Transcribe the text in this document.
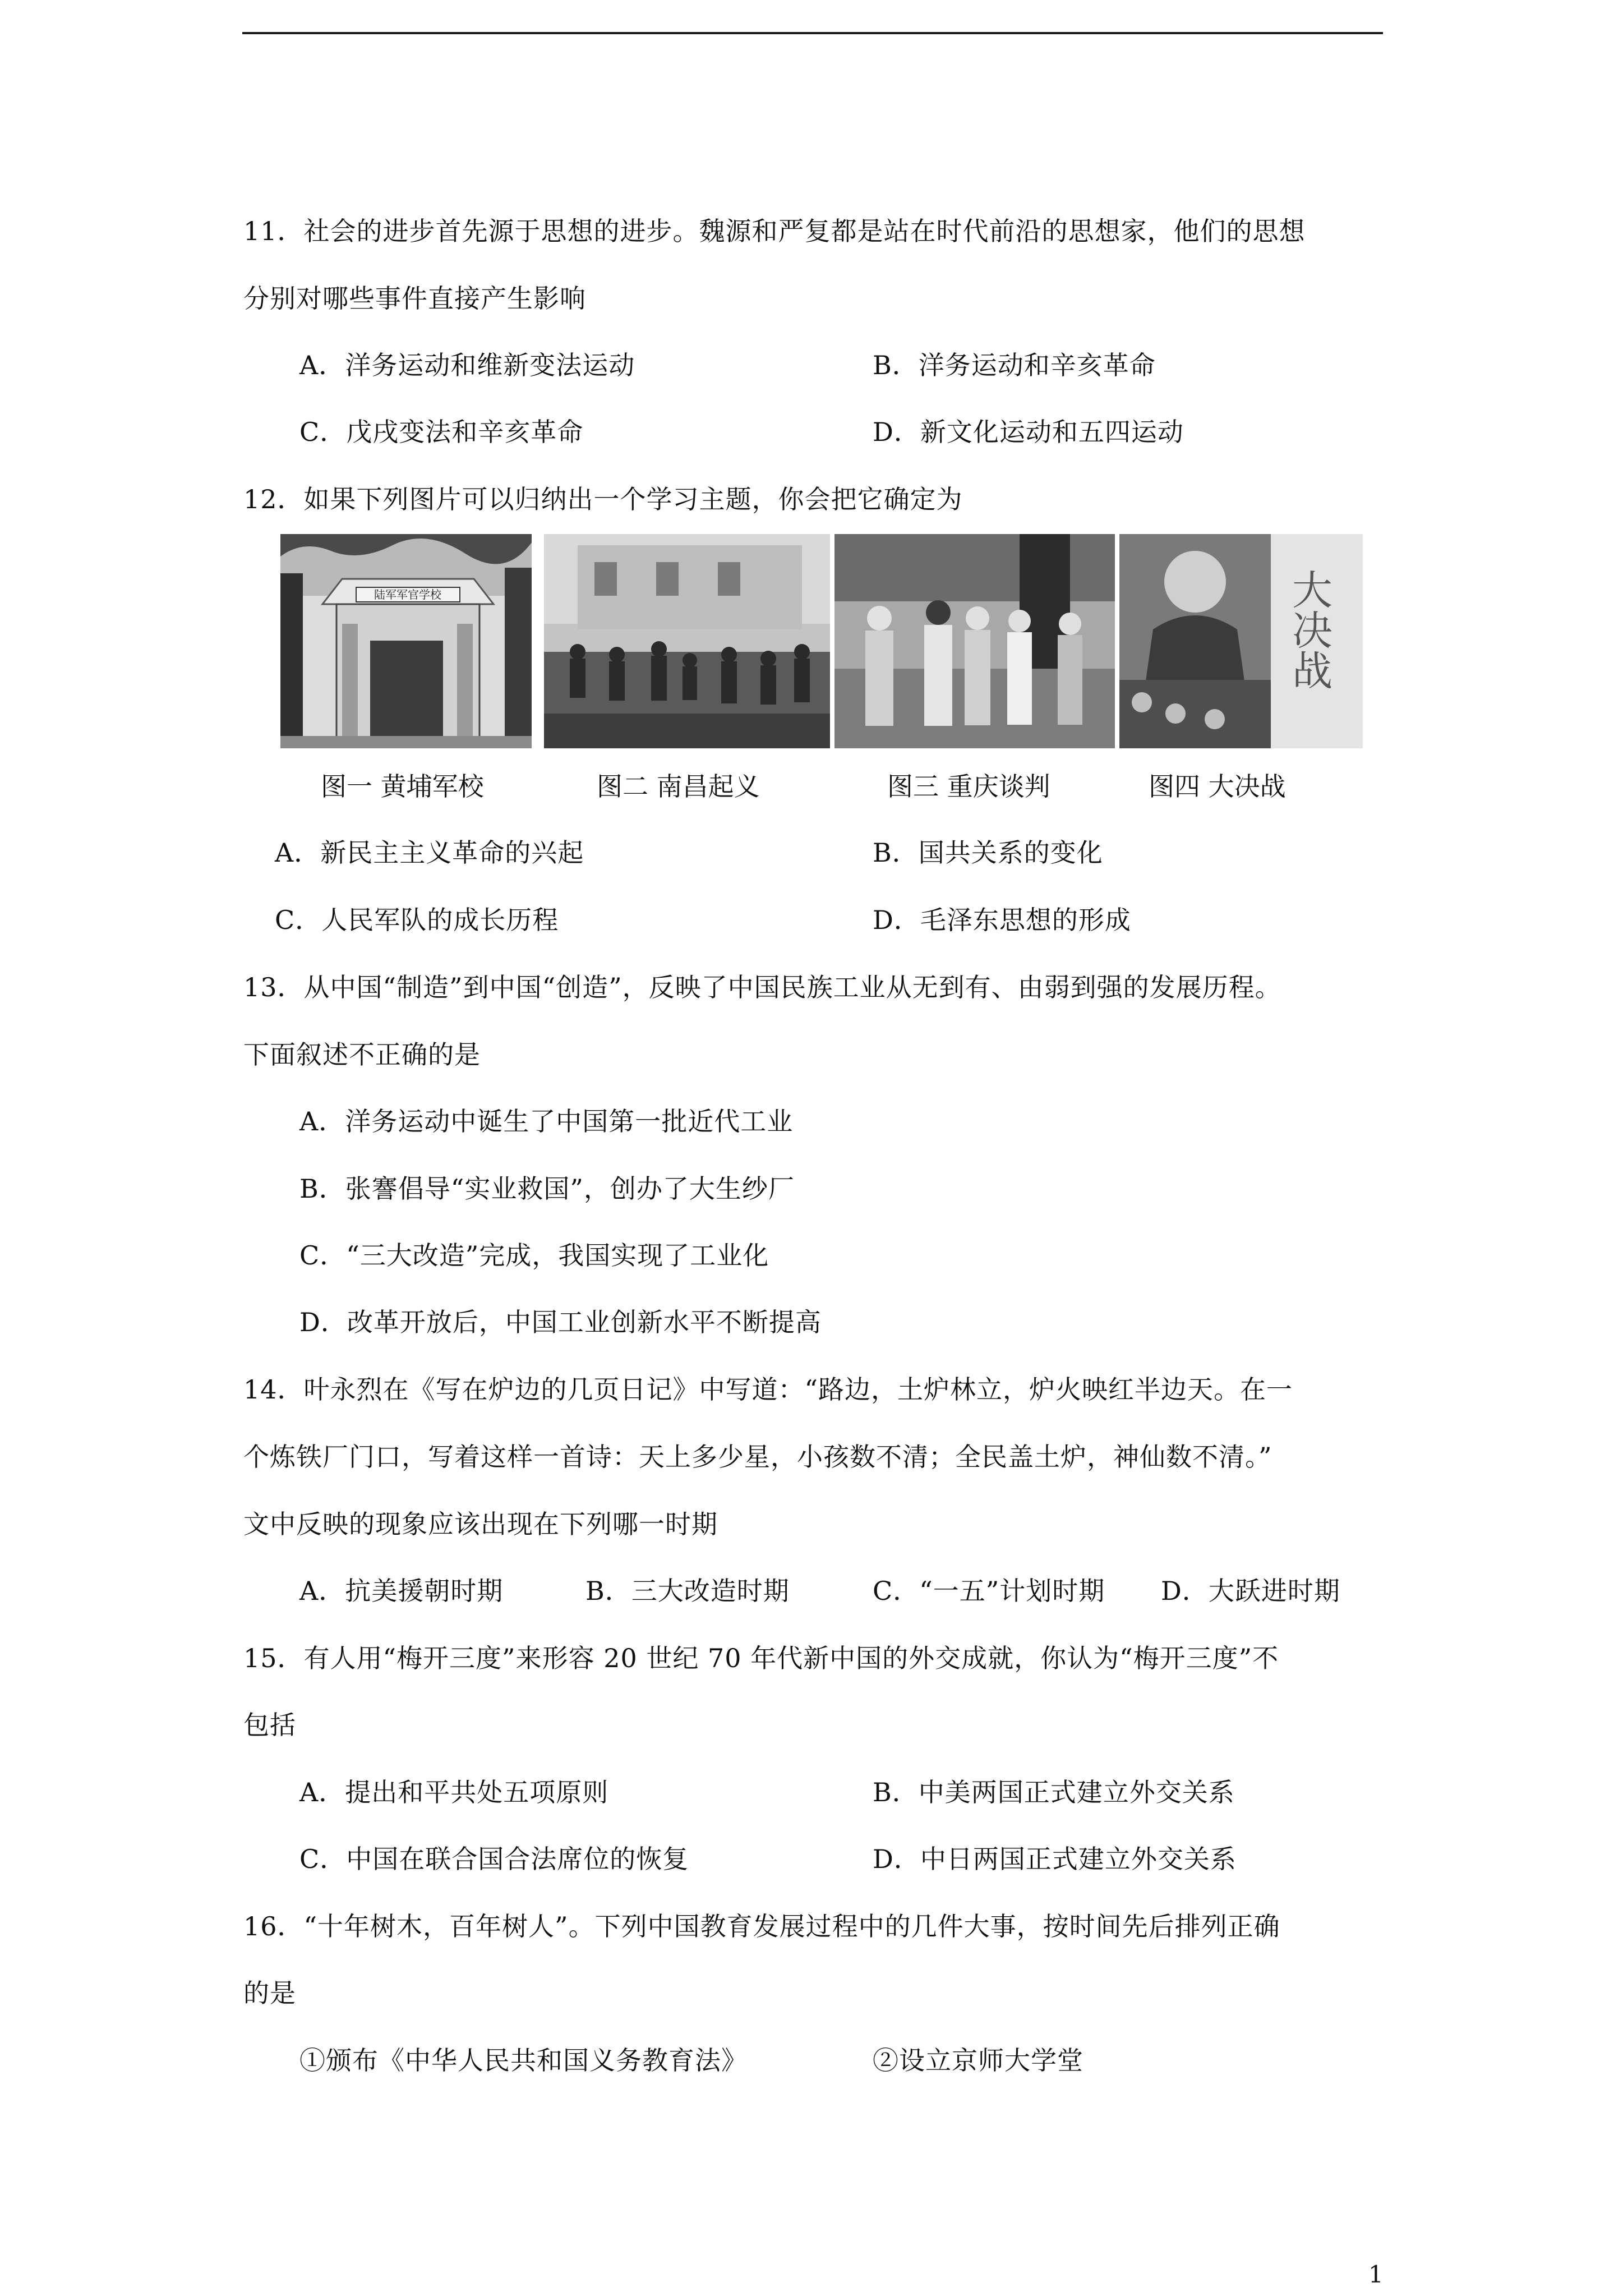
11．社会的进步首先源于思想的进步。魏源和严复都是站在时代前沿的思想家，他们的思想
分别对哪些事件直接产生影响
A．洋务运动和维新变法运动	B．洋务运动和辛亥革命
C．戊戌变法和辛亥革命	D．新文化运动和五四运动
12．如果下列图片可以归纳出一个学习主题，你会把它确定为
陆军军官学校	大决战
图一 黄埔军校	图二 南昌起义	图三 重庆谈判	图四 大决战
A．新民主主义革命的兴起	B．国共关系的变化
C．人民军队的成长历程	D．毛泽东思想的形成
13．从中国“制造”到中国“创造”，反映了中国民族工业从无到有、由弱到强的发展历程。
下面叙述不正确的是
A．洋务运动中诞生了中国第一批近代工业
B．张謇倡导“实业救国”，创办了大生纱厂
C．“三大改造”完成，我国实现了工业化
D．改革开放后，中国工业创新水平不断提高
14．叶永烈在《写在炉边的几页日记》中写道：“路边，土炉林立，炉火映红半边天。在一
个炼铁厂门口，写着这样一首诗：天上多少星，小孩数不清；全民盖土炉，神仙数不清。”
文中反映的现象应该出现在下列哪一时期
A．抗美援朝时期	B．三大改造时期	C．“一五”计划时期 D．大跃进时期
15．有人用“梅开三度”来形容 20 世纪 70 年代新中国的外交成就，你认为“梅开三度”不
包括
A．提出和平共处五项原则	B．中美两国正式建立外交关系
C．中国在联合国合法席位的恢复	D．中日两国正式建立外交关系
16．“十年树木，百年树人”。下列中国教育发展过程中的几件大事，按时间先后排列正确
的是
①颁布《中华人民共和国义务教育法》	②设立京师大学堂
1
